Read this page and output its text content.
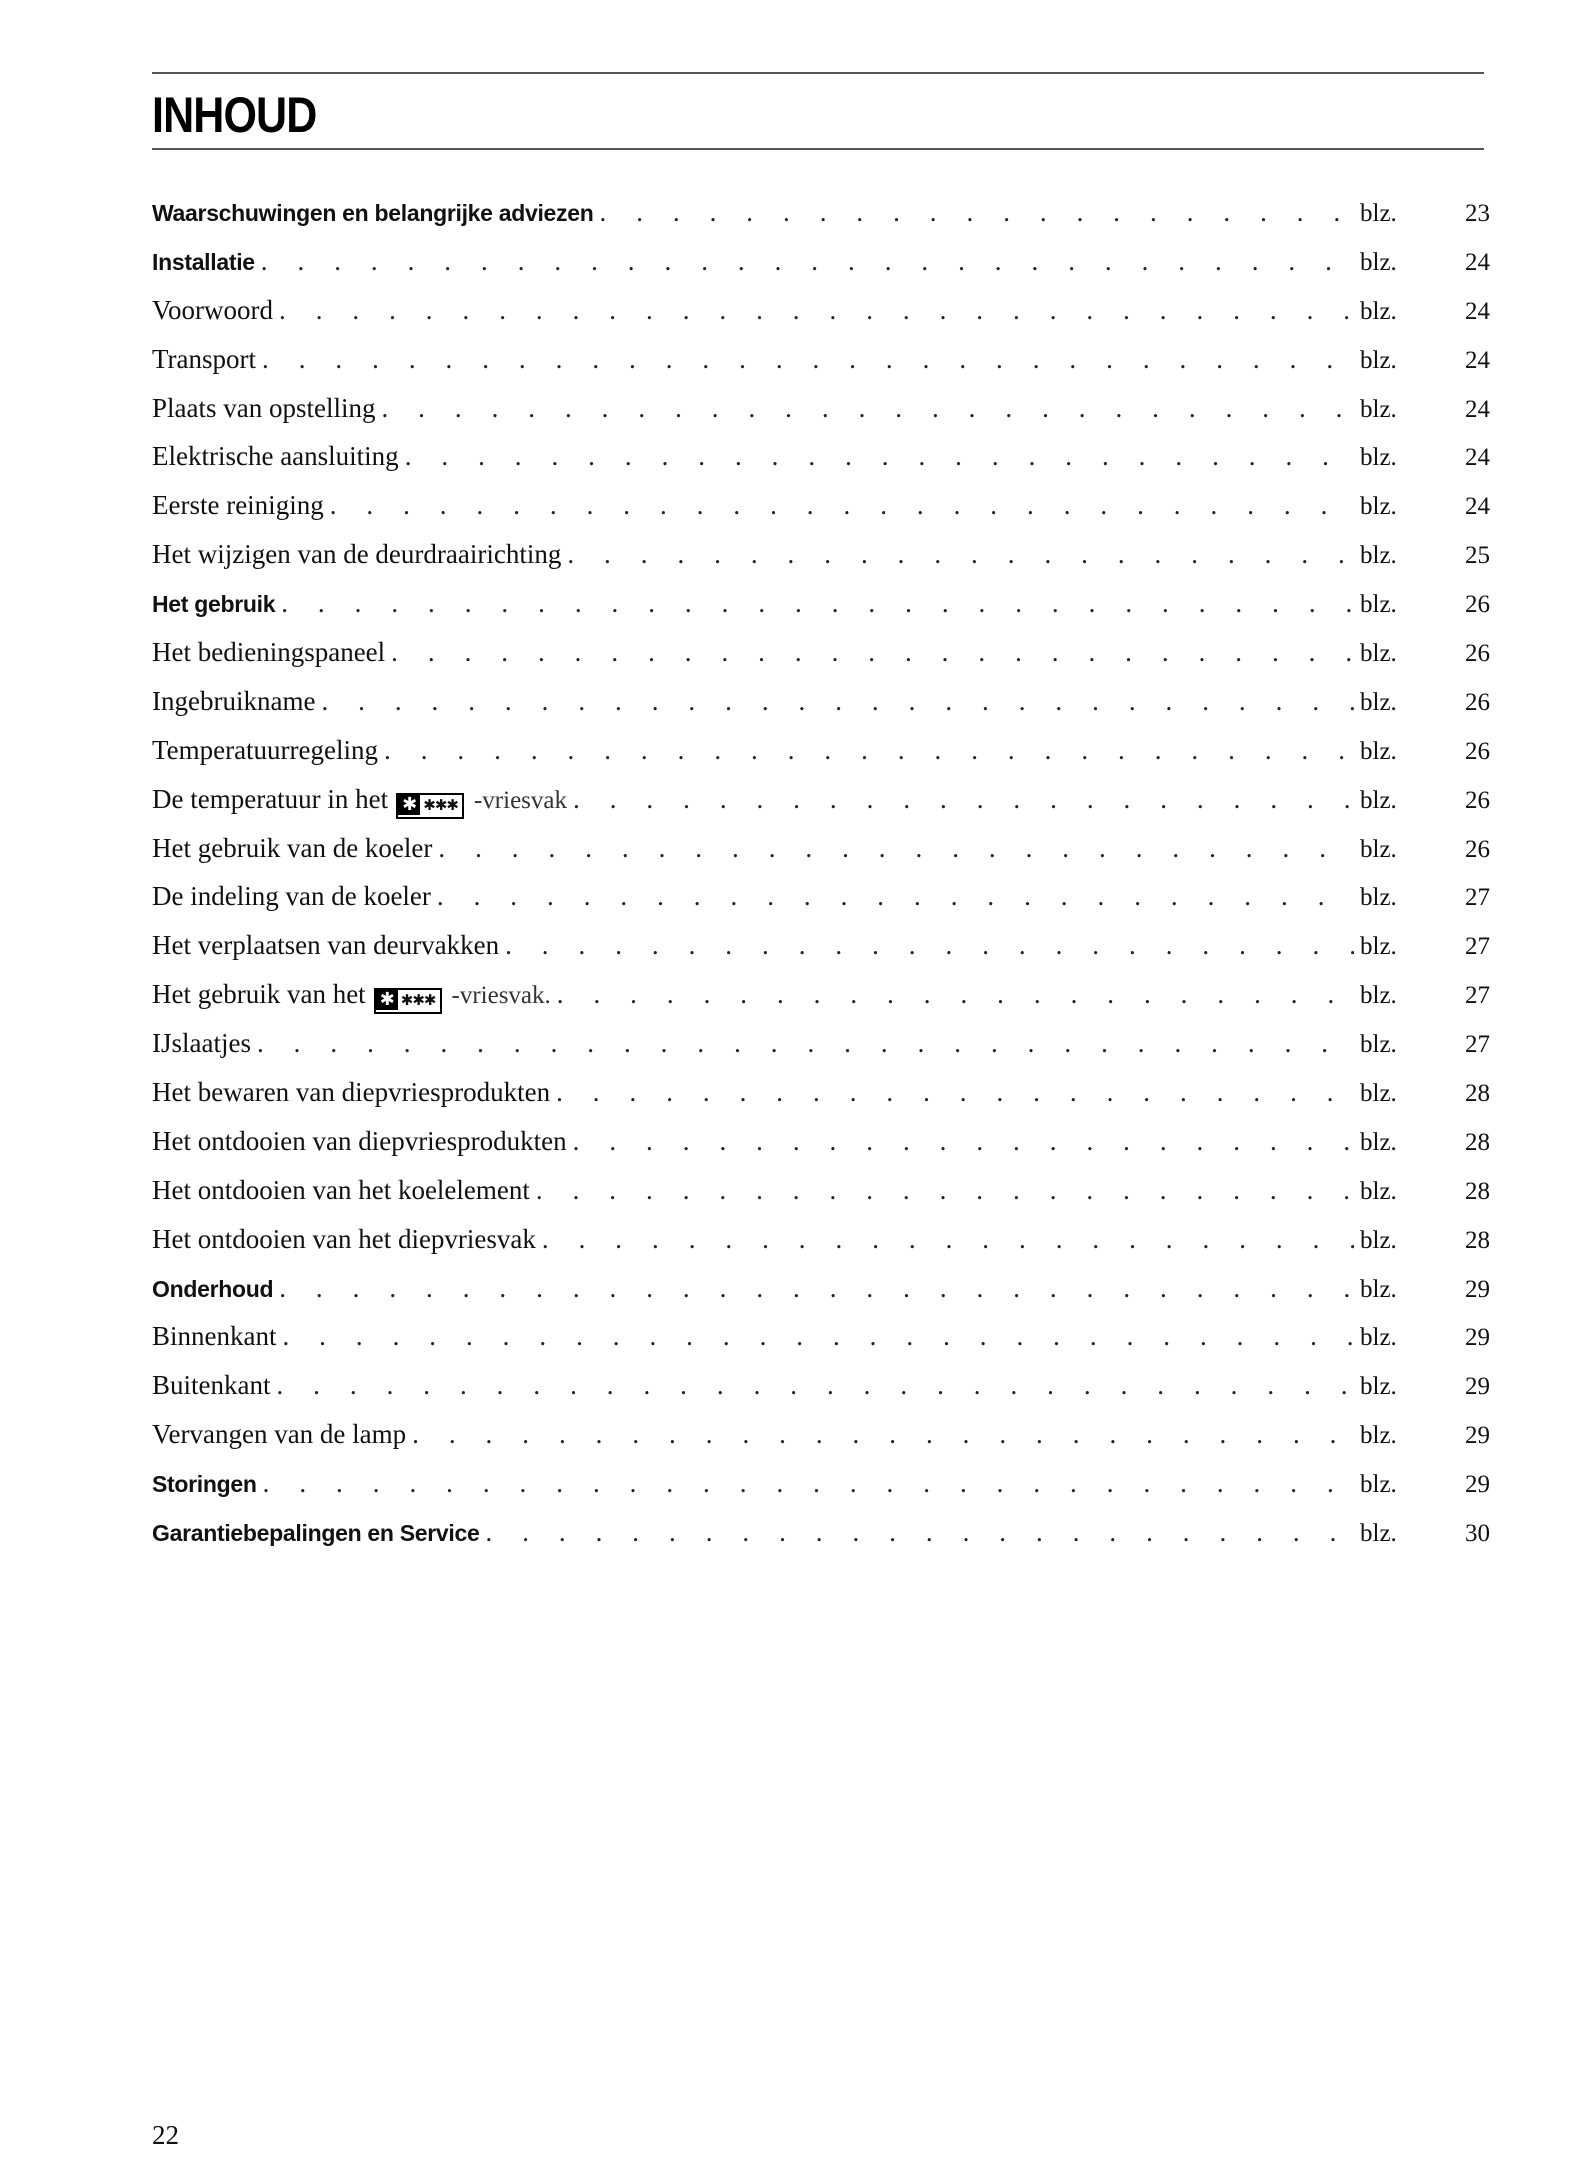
INHOUD
Waarschuwingen en belangrijke adviezen . . .	blz.	23
Installatie . . .	blz.	24
Voorwoord . . .	blz.	24
Transport . . .	blz.	24
Plaats van opstelling . . .	blz.	24
Elektrische aansluiting . . .	blz.	24
Eerste reiniging . . .	blz.	24
Het wijzigen van de deurdraairichting . . .	blz.	25
Het gebruik . . .	blz.	26
Het bedieningspaneel . . .	blz.	26
Ingebruikname . . .	blz.	26
Temperatuurregeling . . .	blz.	26
De temperatuur in het ✱ ✱✱✱ -vriesvak . . .	blz.	26
Het gebruik van de koeler . . .	blz.	26
De indeling van de koeler . . .	blz.	27
Het verplaatsen van deurvakken . . .	blz.	27
Het gebruik van het ✱ ✱✱✱ -vriesvak. . . .	blz.	27
IJslaatjes . . .	blz.	27
Het bewaren van diepvriesprodukten . . .	blz.	28
Het ontdooien van diepvriesprodukten . . .	blz.	28
Het ontdooien van het koelelement . . .	blz.	28
Het ontdooien van het diepvriesvak . . .	blz.	28
Onderhoud . . .	blz.	29
Binnenkant . . .	blz.	29
Buitenkant . . .	blz.	29
Vervangen van de lamp . . .	blz.	29
Storingen . . .	blz.	29
Garantiebepalingen en Service . . .	blz.	30
22
